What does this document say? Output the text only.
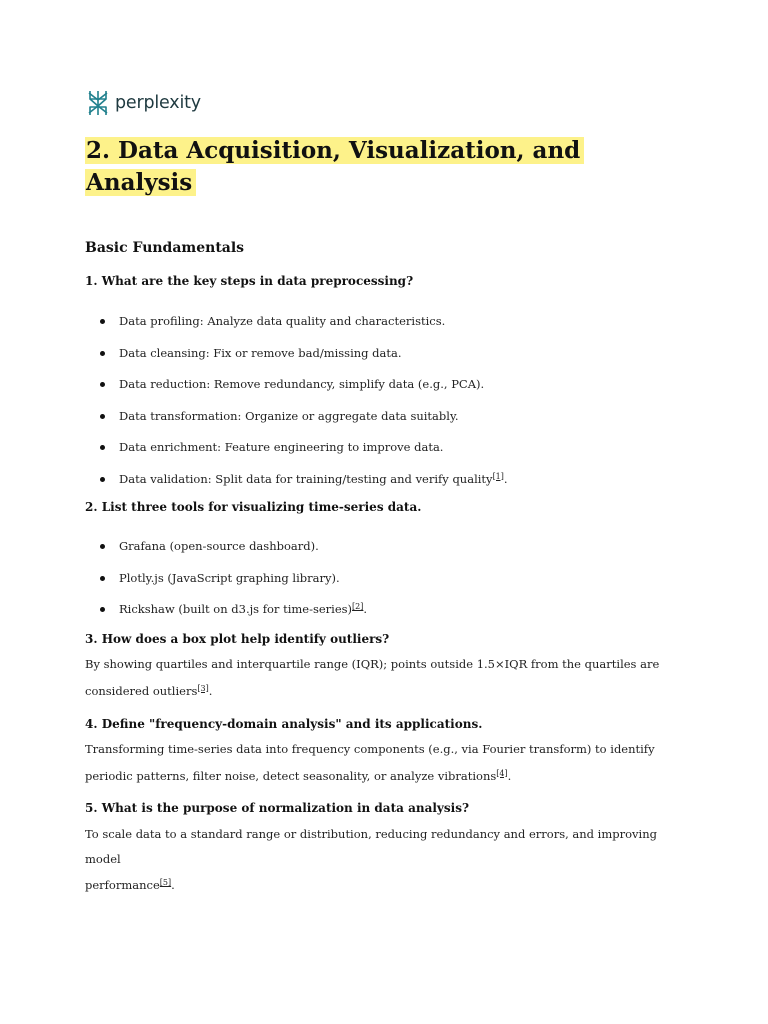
perplexity
2. Data Acquisition, Visualization, and Analysis
Basic Fundamentals

1. What are the key steps in data preprocessing?

Data profiling: Analyze data quality and characteristics.
Data cleansing: Fix or remove bad/missing data.
Data reduction: Remove redundancy, simplify data (e.g., PCA).
Data transformation: Organize or aggregate data suitably.
Data enrichment: Feature engineering to improve data.
Data validation: Split data for training/testing and verify quality[1].

2. List three tools for visualizing time-series data.

Grafana (open-source dashboard).
Plotly.js (JavaScript graphing library).
Rickshaw (built on d3.js for time-series)[2].

3. How does a box plot help identify outliers?

By showing quartiles and interquartile range (IQR); points outside 1.5×IQR from the quartiles are
considered outliers[3].

4. Define "frequency-domain analysis" and its applications.

Transforming time-series data into frequency components (e.g., via Fourier transform) to identify
periodic patterns, filter noise, detect seasonality, or analyze vibrations[4].

5. What is the purpose of normalization in data analysis?

To scale data to a standard range or distribution, reducing redundancy and errors, and improving model
performance[5].
